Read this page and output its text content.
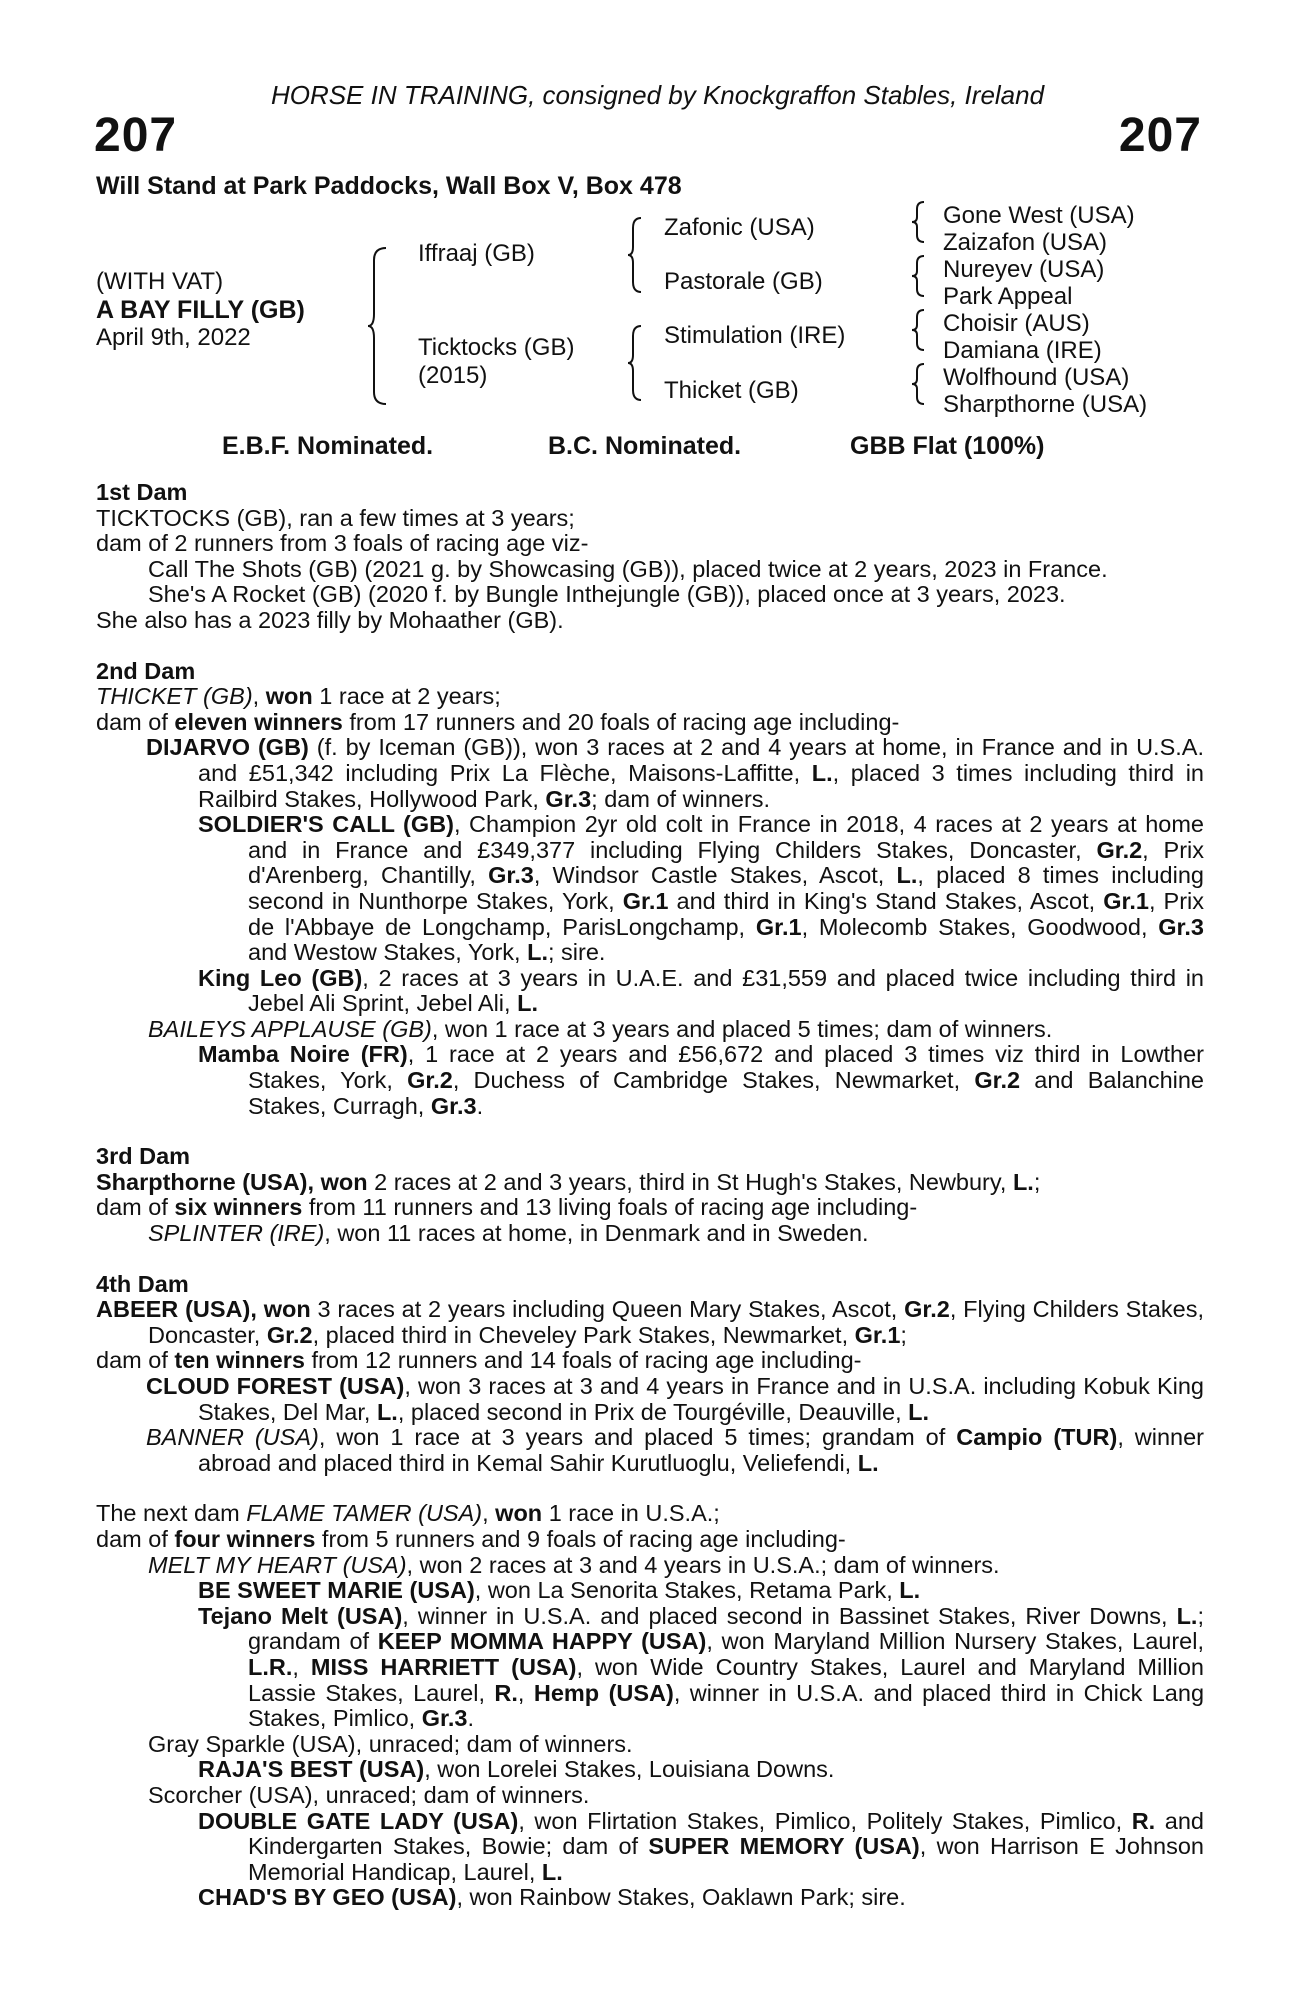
HORSE IN TRAINING, consigned by Knockgraffon Stables, Ireland
207	207
Will Stand at Park Paddocks, Wall Box V, Box 478
(WITH VAT)
A BAY FILLY (GB)
April 9th, 2022
Iffraaj (GB)
Ticktocks (GB)
(2015)
Zafonic (USA)
Pastorale (GB)
Stimulation (IRE)
Thicket (GB)
Gone West (USA)
Zaizafon (USA)
Nureyev (USA)
Park Appeal
Choisir (AUS)
Damiana (IRE)
Wolfhound (USA)
Sharpthorne (USA)
E.B.F. Nominated.	B.C. Nominated.	GBB Flat (100%)
1st Dam
TICKTOCKS (GB), ran a few times at 3 years;
dam of 2 runners from 3 foals of racing age viz-
Call The Shots (GB) (2021 g. by Showcasing (GB)), placed twice at 2 years, 2023 in France.
She's A Rocket (GB) (2020 f. by Bungle Inthejungle (GB)), placed once at 3 years, 2023.
She also has a 2023 filly by Mohaather (GB).
2nd Dam
THICKET (GB), won 1 race at 2 years;
dam of eleven winners from 17 runners and 20 foals of racing age including-
DIJARVO (GB) (f. by Iceman (GB)), won 3 races at 2 and 4 years at home, in France and in U.S.A. and £51,342 including Prix La Flèche, Maisons-Laffitte, L., placed 3 times including third in Railbird Stakes, Hollywood Park, Gr.3; dam of winners.
SOLDIER'S CALL (GB), Champion 2yr old colt in France in 2018, 4 races at 2 years at home and in France and £349,377 including Flying Childers Stakes, Doncaster, Gr.2, Prix d'Arenberg, Chantilly, Gr.3, Windsor Castle Stakes, Ascot, L., placed 8 times including second in Nunthorpe Stakes, York, Gr.1 and third in King's Stand Stakes, Ascot, Gr.1, Prix de l'Abbaye de Longchamp, ParisLongchamp, Gr.1, Molecomb Stakes, Goodwood, Gr.3 and Westow Stakes, York, L.; sire.
King Leo (GB), 2 races at 3 years in U.A.E. and £31,559 and placed twice including third in Jebel Ali Sprint, Jebel Ali, L.
BAILEYS APPLAUSE (GB), won 1 race at 3 years and placed 5 times; dam of winners.
Mamba Noire (FR), 1 race at 2 years and £56,672 and placed 3 times viz third in Lowther Stakes, York, Gr.2, Duchess of Cambridge Stakes, Newmarket, Gr.2 and Balanchine Stakes, Curragh, Gr.3.
3rd Dam
Sharpthorne (USA), won 2 races at 2 and 3 years, third in St Hugh's Stakes, Newbury, L.;
dam of six winners from 11 runners and 13 living foals of racing age including-
SPLINTER (IRE), won 11 races at home, in Denmark and in Sweden.
4th Dam
ABEER (USA), won 3 races at 2 years including Queen Mary Stakes, Ascot, Gr.2, Flying Childers Stakes, Doncaster, Gr.2, placed third in Cheveley Park Stakes, Newmarket, Gr.1;
dam of ten winners from 12 runners and 14 foals of racing age including-
CLOUD FOREST (USA), won 3 races at 3 and 4 years in France and in U.S.A. including Kobuk King Stakes, Del Mar, L., placed second in Prix de Tourgéville, Deauville, L.
BANNER (USA), won 1 race at 3 years and placed 5 times; grandam of Campio (TUR), winner abroad and placed third in Kemal Sahir Kurutluoglu, Veliefendi, L.
The next dam FLAME TAMER (USA), won 1 race in U.S.A.;
dam of four winners from 5 runners and 9 foals of racing age including-
MELT MY HEART (USA), won 2 races at 3 and 4 years in U.S.A.; dam of winners.
BE SWEET MARIE (USA), won La Senorita Stakes, Retama Park, L.
Tejano Melt (USA), winner in U.S.A. and placed second in Bassinet Stakes, River Downs, L.; grandam of KEEP MOMMA HAPPY (USA), won Maryland Million Nursery Stakes, Laurel, L.R., MISS HARRIETT (USA), won Wide Country Stakes, Laurel and Maryland Million Lassie Stakes, Laurel, R., Hemp (USA), winner in U.S.A. and placed third in Chick Lang Stakes, Pimlico, Gr.3.
Gray Sparkle (USA), unraced; dam of winners.
RAJA'S BEST (USA), won Lorelei Stakes, Louisiana Downs.
Scorcher (USA), unraced; dam of winners.
DOUBLE GATE LADY (USA), won Flirtation Stakes, Pimlico, Politely Stakes, Pimlico, R. and Kindergarten Stakes, Bowie; dam of SUPER MEMORY (USA), won Harrison E Johnson Memorial Handicap, Laurel, L.
CHAD'S BY GEO (USA), won Rainbow Stakes, Oaklawn Park; sire.
